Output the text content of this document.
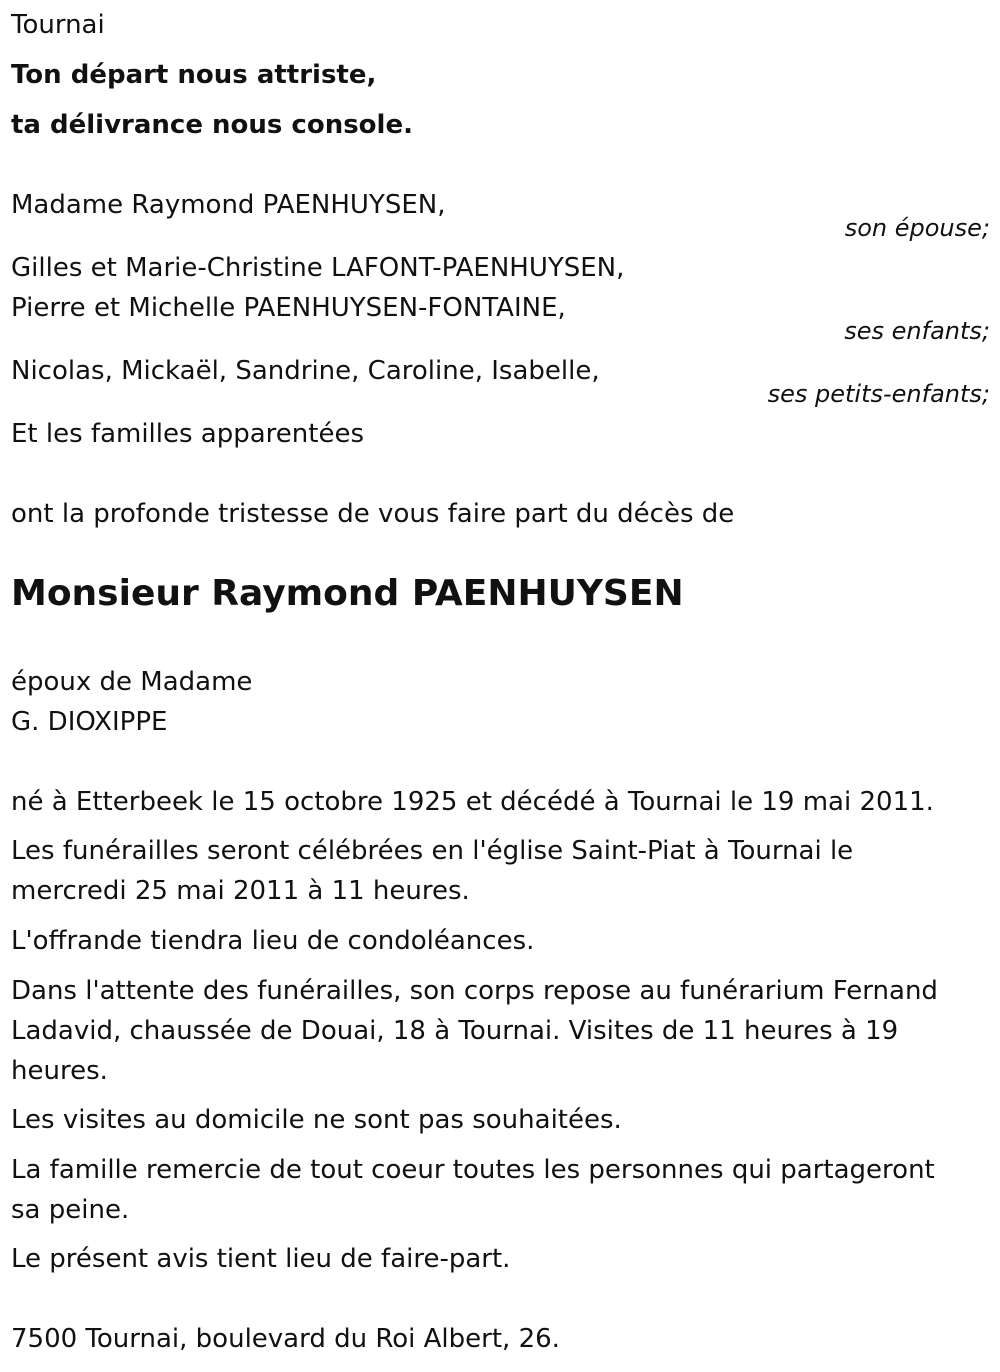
Tournai

Ton départ nous attriste,

ta délivrance nous console.

Madame Raymond PAENHUYSEN,

son épouse;

Gilles et Marie-Christine LAFONT-PAENHUYSEN,

Pierre et Michelle PAENHUYSEN-FONTAINE,

ses enfants;

Nicolas, Mickaël, Sandrine, Caroline, Isabelle,

ses petits-enfants;

Et les familles apparentées

ont la profonde tristesse de vous faire part du décès de

Monsieur Raymond PAENHUYSEN

époux de Madame

G. DIOXIPPE

né à Etterbeek le 15 octobre 1925 et décédé à Tournai le 19 mai 2011.

Les funérailles seront célébrées en l'église Saint-Piat à Tournai le

mercredi 25 mai 2011 à 11 heures.

L'offrande tiendra lieu de condoléances.

Dans l'attente des funérailles, son corps repose au funérarium Fernand

Ladavid, chaussée de Douai, 18 à Tournai. Visites de 11 heures à 19

heures.

Les visites au domicile ne sont pas souhaitées.

La famille remercie de tout coeur toutes les personnes qui partageront

sa peine.

Le présent avis tient lieu de faire-part.

7500 Tournai, boulevard du Roi Albert, 26.
